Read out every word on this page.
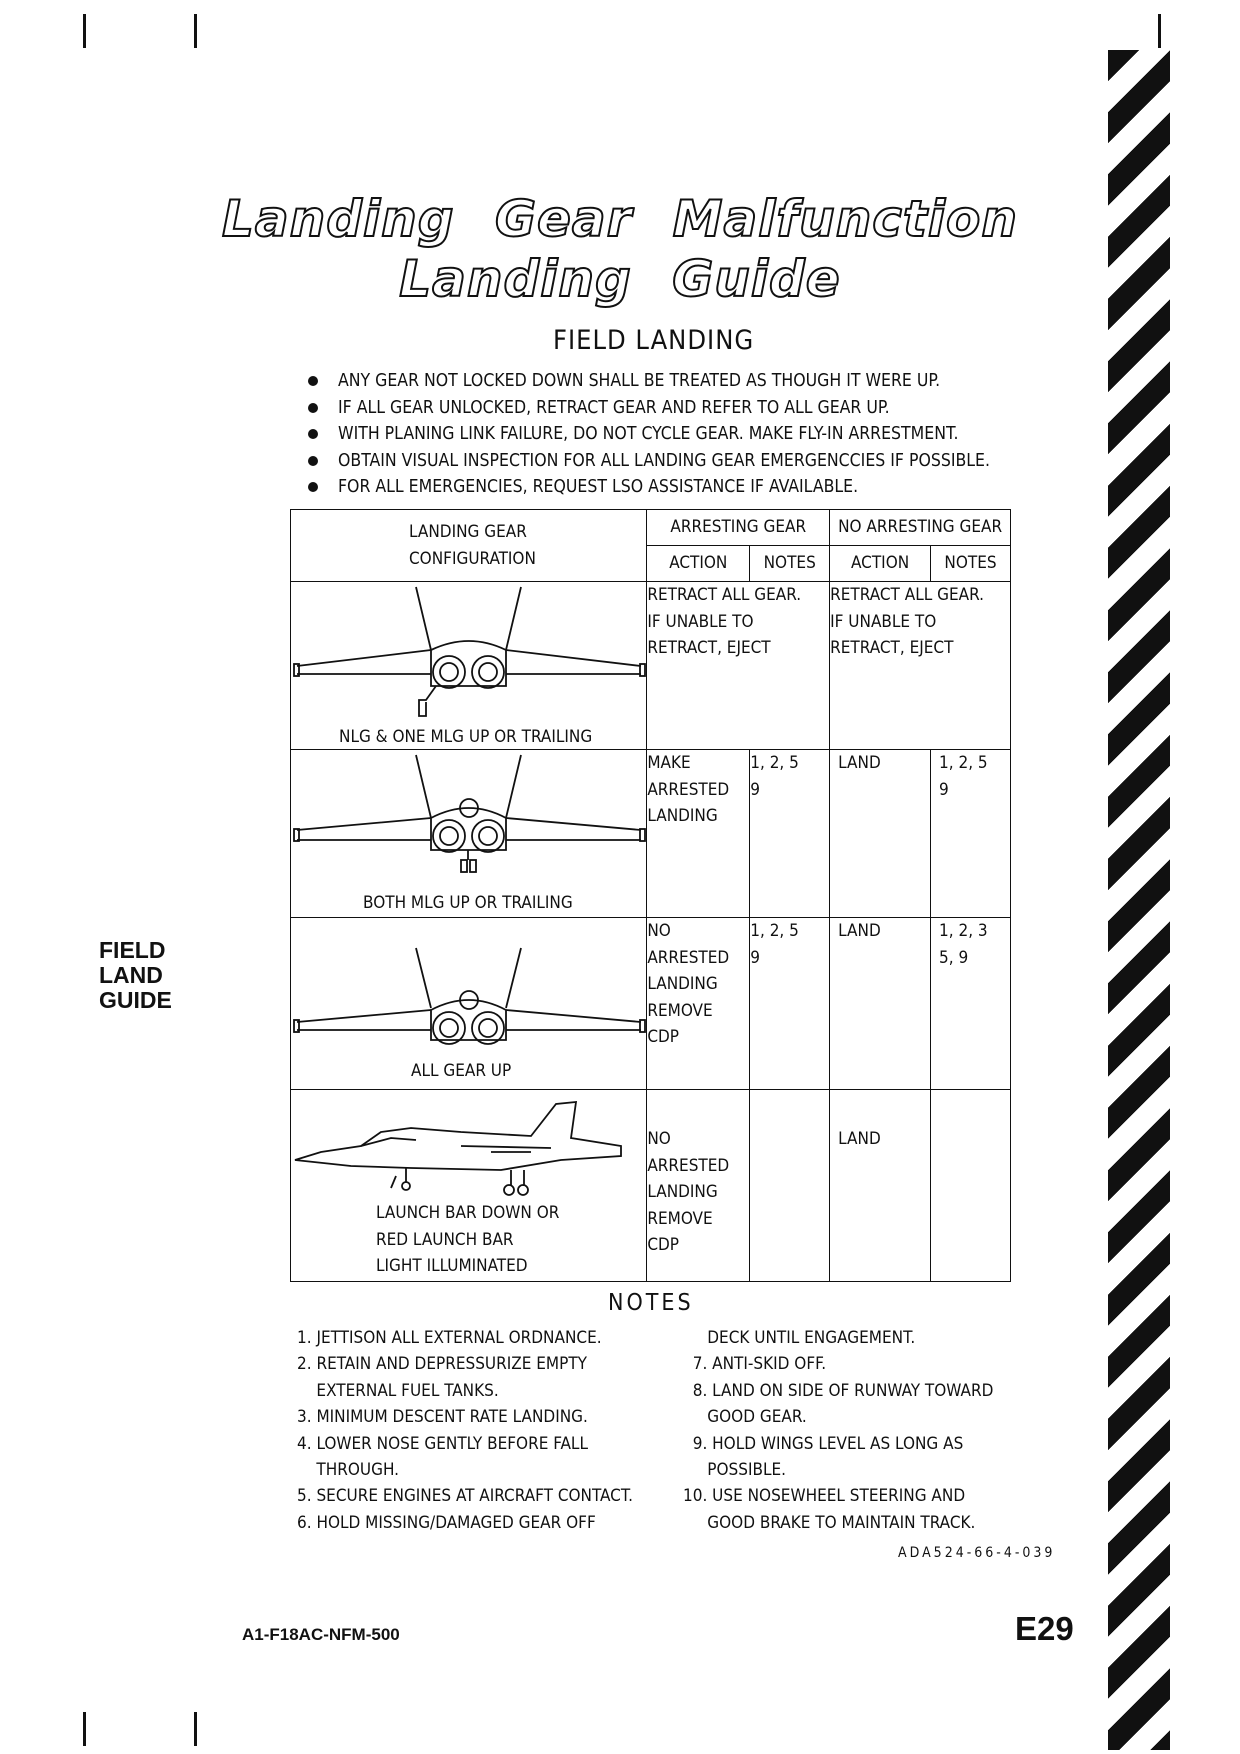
Landing Gear Malfunction
Landing Guide
FIELD LANDING
ANY GEAR NOT LOCKED DOWN SHALL BE TREATED AS THOUGH IT WERE UP.
IF ALL GEAR UNLOCKED, RETRACT GEAR AND REFER TO ALL GEAR UP.
WITH PLANING LINK FAILURE, DO NOT CYCLE GEAR. MAKE FLY-IN ARRESTMENT.
OBTAIN VISUAL INSPECTION FOR ALL LANDING GEAR EMERGENCCIES IF POSSIBLE.
FOR ALL EMERGENCIES, REQUEST LSO ASSISTANCE IF AVAILABLE.
LANDING GEAR
CONFIGURATION	ARRESTING GEAR		NO ARRESTING GEAR	
	ACTION	NOTES	ACTION	NOTES

NLG & ONE MLG UP OR TRAILING	RETRACT ALL GEAR.
IF UNABLE TO
RETRACT, EJECT		RETRACT ALL GEAR.
IF UNABLE TO
RETRACT, EJECT	

BOTH MLG UP OR TRAILING	MAKE
ARRESTED
LANDING	1, 2, 5
9	LAND	1, 2, 5
9

ALL GEAR UP	NO
ARRESTED
LANDING
REMOVE
CDP	1, 2, 5
9	LAND	1, 2, 3
5, 9

LAUNCH BAR DOWN OR
RED LAUNCH BAR
LIGHT ILLUMINATED	NO
ARRESTED
LANDING
REMOVE
CDP		LAND	
NOTES
1. JETTISON ALL EXTERNAL ORDNANCE.
2. RETAIN AND DEPRESSURIZE EMPTY
EXTERNAL FUEL TANKS.
3. MINIMUM DESCENT RATE LANDING.
4. LOWER NOSE GENTLY BEFORE FALL
THROUGH.
5. SECURE ENGINES AT AIRCRAFT CONTACT.
6. HOLD MISSING/DAMAGED GEAR OFF
DECK UNTIL ENGAGEMENT.
7. ANTI-SKID OFF.
8. LAND ON SIDE OF RUNWAY TOWARD
GOOD GEAR.
9. HOLD WINGS LEVEL AS LONG AS
POSSIBLE.
10. USE NOSEWHEEL STEERING AND
GOOD BRAKE TO MAINTAIN TRACK.
FIELD
LAND
GUIDE
ADA524-66-4-039
A1-F18AC-NFM-500	E29
